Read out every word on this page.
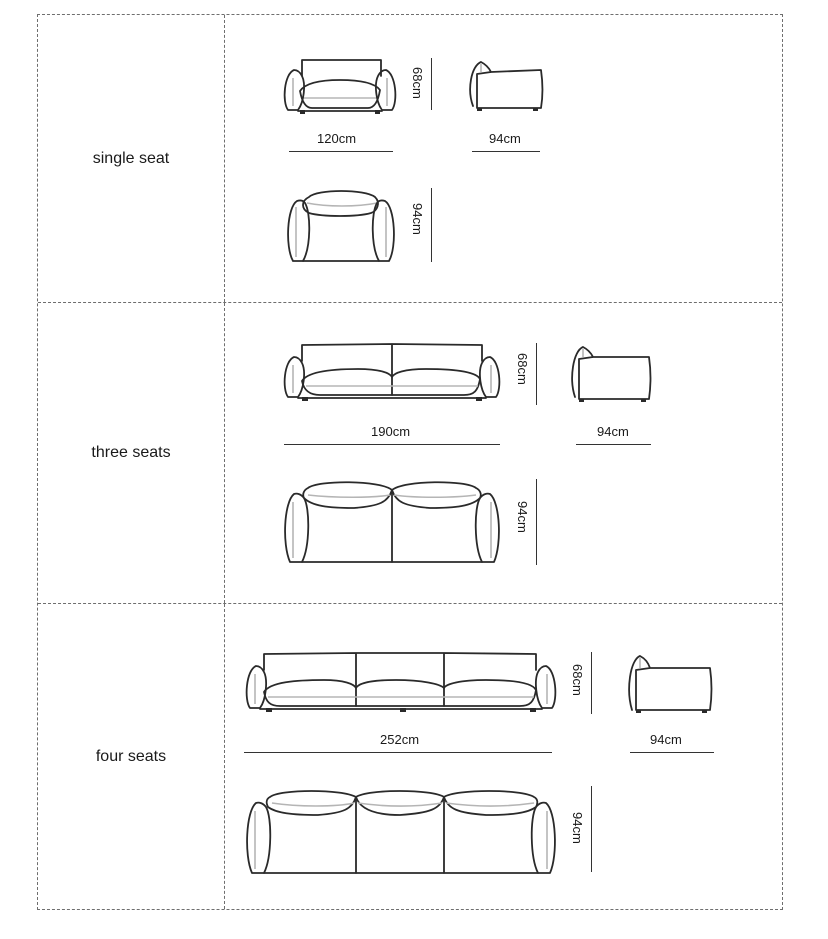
single seat
68cm
120cm	94cm
94cm
three seats
68cm
190cm	94cm
94cm
four seats
68cm
252cm	94cm
94cm
